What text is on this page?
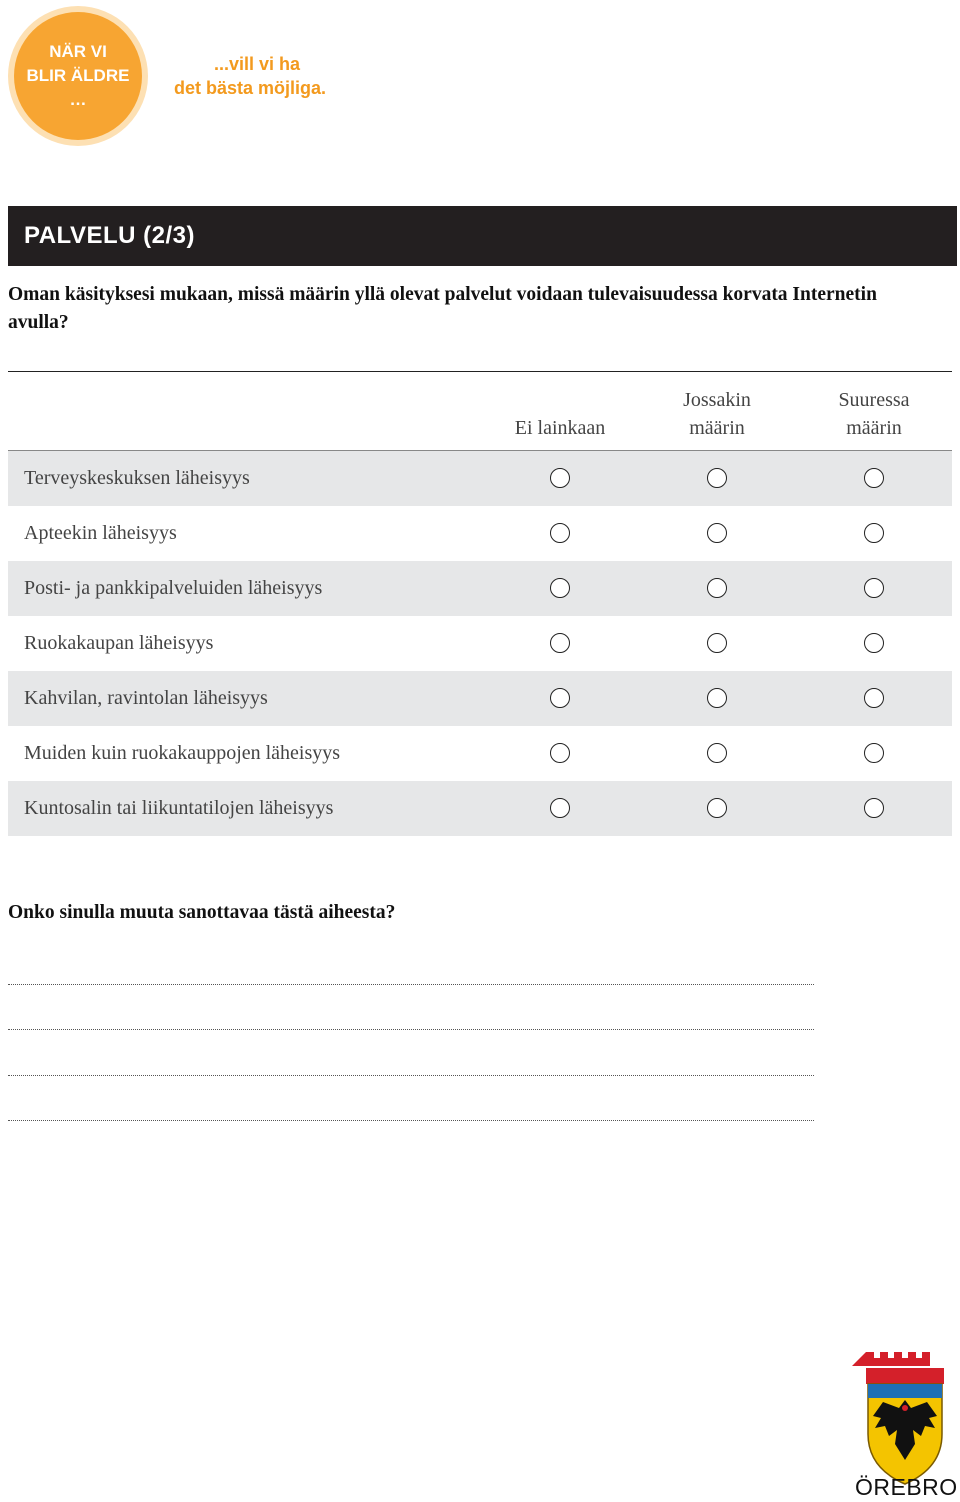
NÄR VI
BLIR ÄLDRE
…
...vill vi ha
det bästa möjliga.
PALVELU (2/3)
Oman käsityksesi mukaan, missä määrin yllä olevat palvelut voidaan tulevaisuudessa korvata Internetin avulla?
Ei lainkaan
Jossakin
määrin
Suuressa
määrin
Terveyskeskuksen läheisyys
Apteekin läheisyys
Posti- ja pankkipalveluiden läheisyys
Ruokakaupan läheisyys
Kahvilan, ravintolan läheisyys
Muiden kuin ruokakauppojen läheisyys
Kuntosalin tai liikuntatilojen läheisyys
Onko sinulla muuta sanottavaa tästä aiheesta?
ÖREBRO
